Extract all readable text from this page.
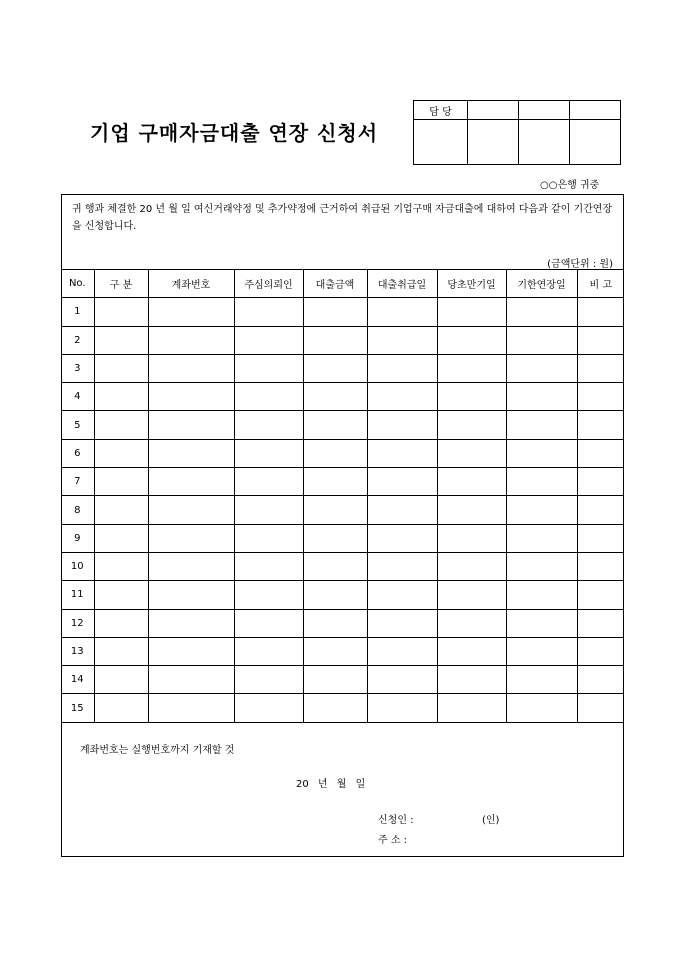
기업 구매자금대출 연장 신청서
담 당			

○○은행 귀중
귀 행과 체결한 20 년 월 일 여신거래약정 및 추가약정에 근거하여 취급된 기업구매 자금대출에 대하여 다음과 같이 기간연장을 신청합니다.
(금액단위 : 원)
No.	구 분	계좌번호	주심의뢰인	대출금액	대출취급일	당초만기일	기한연장일	비 고
1								
2								
3								
4								
5								
6								
7								
8								
9								
10								
11								
12								
13								
14								
15								
계좌번호는 실행번호까지 기재할 것
20 년 월 일
신청인 :	(인)
주 소 :
